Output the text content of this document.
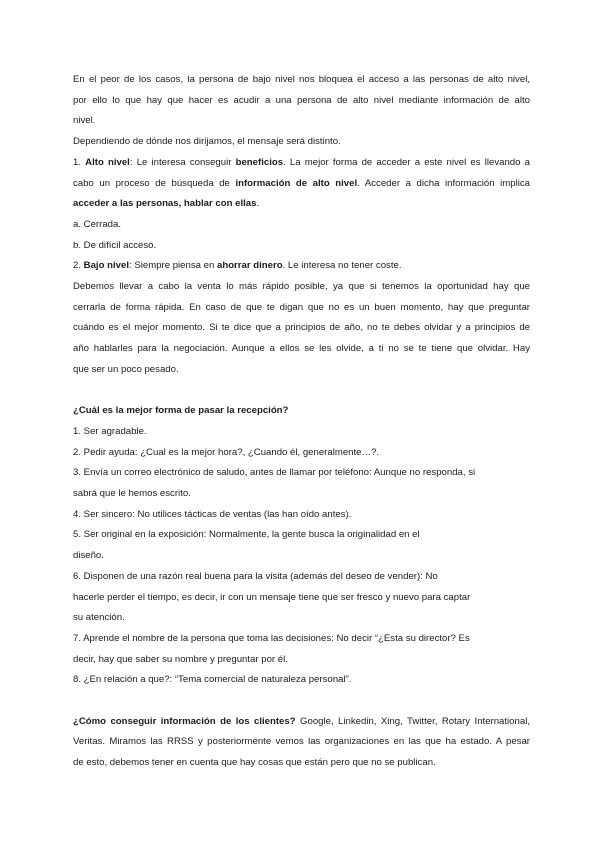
En el peor de los casos, la persona de bajo nivel nos bloquea el acceso a las personas de alto nivel,

por ello lo que hay que hacer es acudir a una persona de alto nivel mediante información de alto

nivel.

Dependiendo de dónde nos dirijamos, el mensaje será distinto.

1. Alto nivel: Le interesa conseguir beneficios. La mejor forma de acceder a este nivel es llevando a

cabo un proceso de búsqueda de información de alto nivel. Acceder a dicha información implica

acceder a las personas, hablar con ellas.

a. Cerrada.

b. De difícil acceso.

2. Bajo nivel: Siempre piensa en ahorrar dinero. Le interesa no tener coste.

Debemos llevar a cabo la venta lo más rápido posible, ya que si tenemos la oportunidad hay que

cerrarla de forma rápida. En caso de que te digan que no es un buen momento, hay que preguntar

cuándo es el mejor momento. Si te dice que a principios de año, no te debes olvidar y a principios de

año hablarles para la negociación. Aunque a ellos se les olvide, a ti no se te tiene que olvidar. Hay

que ser un poco pesado.

¿Cuál es la mejor forma de pasar la recepción?

1. Ser agradable.

2. Pedir ayuda: ¿Cual es la mejor hora?, ¿Cuando él, generalmente…?.

3. Envía un correo electrónico de saludo, antes de llamar por teléfono: Aunque no responda, si

sabrá que le hemos escrito.

4. Ser sincero: No utilices tácticas de ventas (las han oído antes).

5. Ser original en la exposición: Normalmente, la gente busca la originalidad en el

diseño.

6. Disponen de una razón real buena para la visita (además del deseo de vender): No

hacerle perder el tiempo, es decir, ir con un mensaje tiene que ser fresco y nuevo para captar

su atención.

7. Aprende el nombre de la persona que toma las decisiones: No decir “¿Esta su director? Es

decir, hay que saber su nombre y preguntar por él.

8. ¿En relación a que?: “Tema comercial de naturaleza personal”.

¿Cómo conseguir información de los clientes? Google, Linkedin, Xing, Twitter, Rotary International,

Veritas. Miramos las RRSS y posteriormente vemos las organizaciones en las que ha estado. A pesar

de esto, debemos tener en cuenta que hay cosas que están pero que no se publican.
